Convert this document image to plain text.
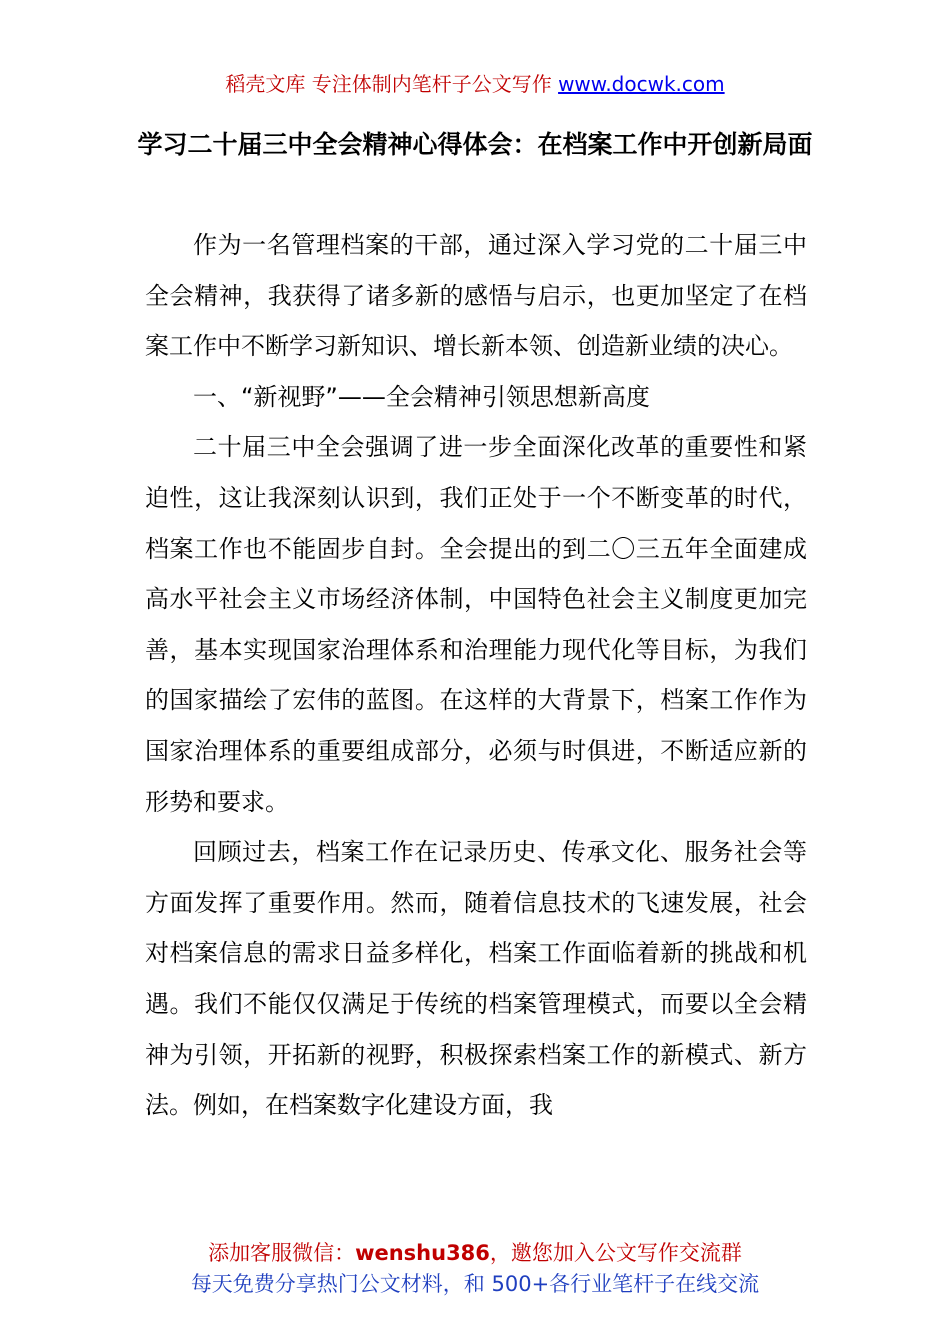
稻壳文库 专注体制内笔杆子公文写作 www.docwk.com
学习二十届三中全会精神心得体会：在档案工作中开创新局面

作为一名管理档案的干部，通过深入学习党的二十届三中全会精神，我获得了诸多新的感悟与启示，也更加坚定了在档案工作中不断学习新知识、增长新本领、创造新业绩的决心。

一、“新视野”——全会精神引领思想新高度

二十届三中全会强调了进一步全面深化改革的重要性和紧迫性，这让我深刻认识到，我们正处于一个不断变革的时代，档案工作也不能固步自封。全会提出的到二〇三五年全面建成高水平社会主义市场经济体制，中国特色社会主义制度更加完善，基本实现国家治理体系和治理能力现代化等目标，为我们的国家描绘了宏伟的蓝图。在这样的大背景下，档案工作作为国家治理体系的重要组成部分，必须与时俱进，不断适应新的形势和要求。

回顾过去，档案工作在记录历史、传承文化、服务社会等方面发挥了重要作用。然而，随着信息技术的飞速发展，社会对档案信息的需求日益多样化，档案工作面临着新的挑战和机遇。我们不能仅仅满足于传统的档案管理模式，而要以全会精神为引领，开拓新的视野，积极探索档案工作的新模式、新方法。例如，在档案数字化建设方面，我

添加客服微信：wenshu386，邀您加入公文写作交流群
每天免费分享热门公文材料，和 500+各行业笔杆子在线交流
